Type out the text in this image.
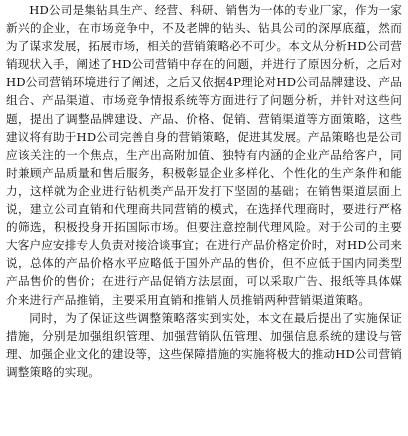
HD公司是集钻具生产、经营、科研、销售为一体的专业厂家，作为一家新兴的企业，在市场竞争中，不及老牌的钻头、钻具公司的深厚底蕴，然而为了谋求发展，拓展市场，相关的营销策略必不可少。本文从分析HD公司营销现状入手，阐述了HD公司营销中存在的问题，并进行了原因分析，之后对HD公司营销环境进行了阐述，之后又依据4P理论对HD公司品牌建设、产品组合、产品渠道、市场竞争情报系统等方面进行了问题分析，并针对这些问题，提出了调整品牌建设、产品、价格、促销、营销渠道等方面策略，这些建议将有助于HD公司完善自身的营销策略，促进其发展。产品策略也是公司应该关注的一个焦点，生产出高附加值、独特有内涵的企业产品给客户，同时兼顾产品质量和售后服务，积极彰显企业多样化、个性化的生产条件和能力，这样就为企业进行钻机类产品开发打下坚固的基础；在销售渠道层面上说，建立公司直销和代理商共同营销的模式，在选择代理商时，要进行严格的筛选，积极投身开拓国际市场。但要注意控制代理风险。对于公司的主要大客户应安排专人负责对接洽谈事宜；在进行产品价格定价时，对HD公司来说，总体的产品价格水平应略低于国外产品的售价，但不应低于国内同类型产品售价的售价；在进行产品促销方法层面，可以采取广告、报纸等具体媒介来进行产品推销，主要采用直销和推销人员推销两种营销渠道策略。

同时，为了保证这些调整策略落实到实处，本文在最后提出了实施保证措施，分别是加强组织管理、加强营销队伍管理、加强信息系统的建设与管理、加强企业文化的建设等，这些保障措施的实施将极大的推动HD公司营销调整策略的实现。
